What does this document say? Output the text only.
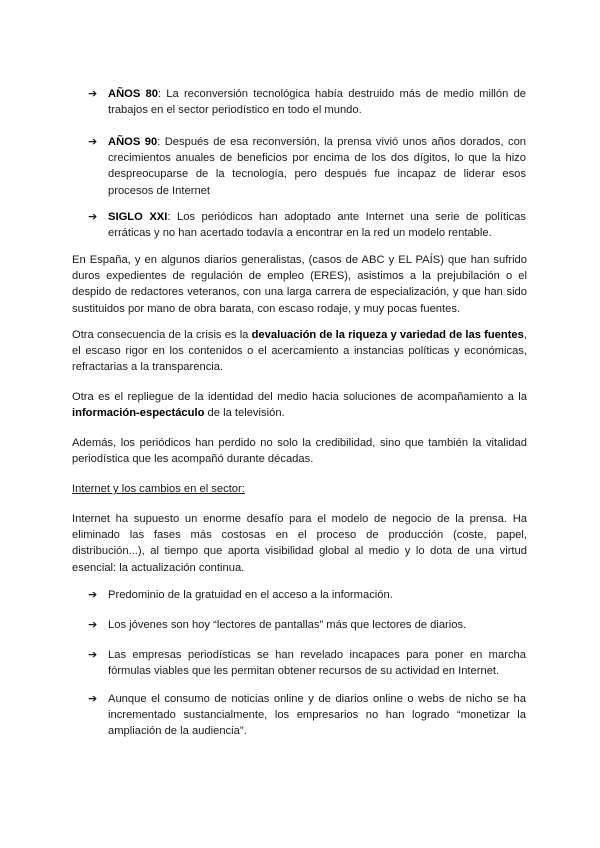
➔ AÑOS 80: La reconversión tecnológica había destruido más de medio millón de trabajos en el sector periodístico en todo el mundo.
➔ AÑOS 90: Después de esa reconversión, la prensa vivió unos años dorados, con crecimientos anuales de beneficios por encima de los dos dígitos, lo que la hizo despreocuparse de la tecnología, pero después fue incapaz de liderar esos procesos de Internet
➔ SIGLO XXI: Los periódicos han adoptado ante Internet una serie de políticas erráticas y no han acertado todavía a encontrar en la red un modelo rentable.

En España, y en algunos diarios generalistas, (casos de ABC y EL PAÍS) que han sufrido duros expedientes de regulación de empleo (ERES), asistimos a la prejubilación o el despido de redactores veteranos, con una larga carrera de especialización, y que han sido sustituidos por mano de obra barata, con escaso rodaje, y muy pocas fuentes.

Otra consecuencia de la crisis es la devaluación de la riqueza y variedad de las fuentes, el escaso rigor en los contenidos o el acercamiento a instancias políticas y económicas, refractarias a la transparencia.

Otra es el repliegue de la identidad del medio hacia soluciones de acompañamiento a la información-espectáculo de la televisión.

Además, los periódicos han perdido no solo la credibilidad, sino que también la vitalidad periodística que les acompañó durante décadas.

Internet y los cambios en el sector:

Internet ha supuesto un enorme desafío para el modelo de negocio de la prensa. Ha eliminado las fases más costosas en el proceso de producción (coste, papel, distribución...), al tiempo que aporta visibilidad global al medio y lo dota de una virtud esencial: la actualización continua.

➔ Predominio de la gratuidad en el acceso a la información.
➔ Los jóvenes son hoy “lectores de pantallas” más que lectores de diarios.
➔ Las empresas periodísticas se han revelado incapaces para poner en marcha fórmulas viables que les permitan obtener recursos de su actividad en Internet.
➔ Aunque el consumo de noticias online y de diarios online o webs de nicho se ha incrementado sustancialmente, los empresarios no han logrado “monetizar la ampliación de la audiencia”.
